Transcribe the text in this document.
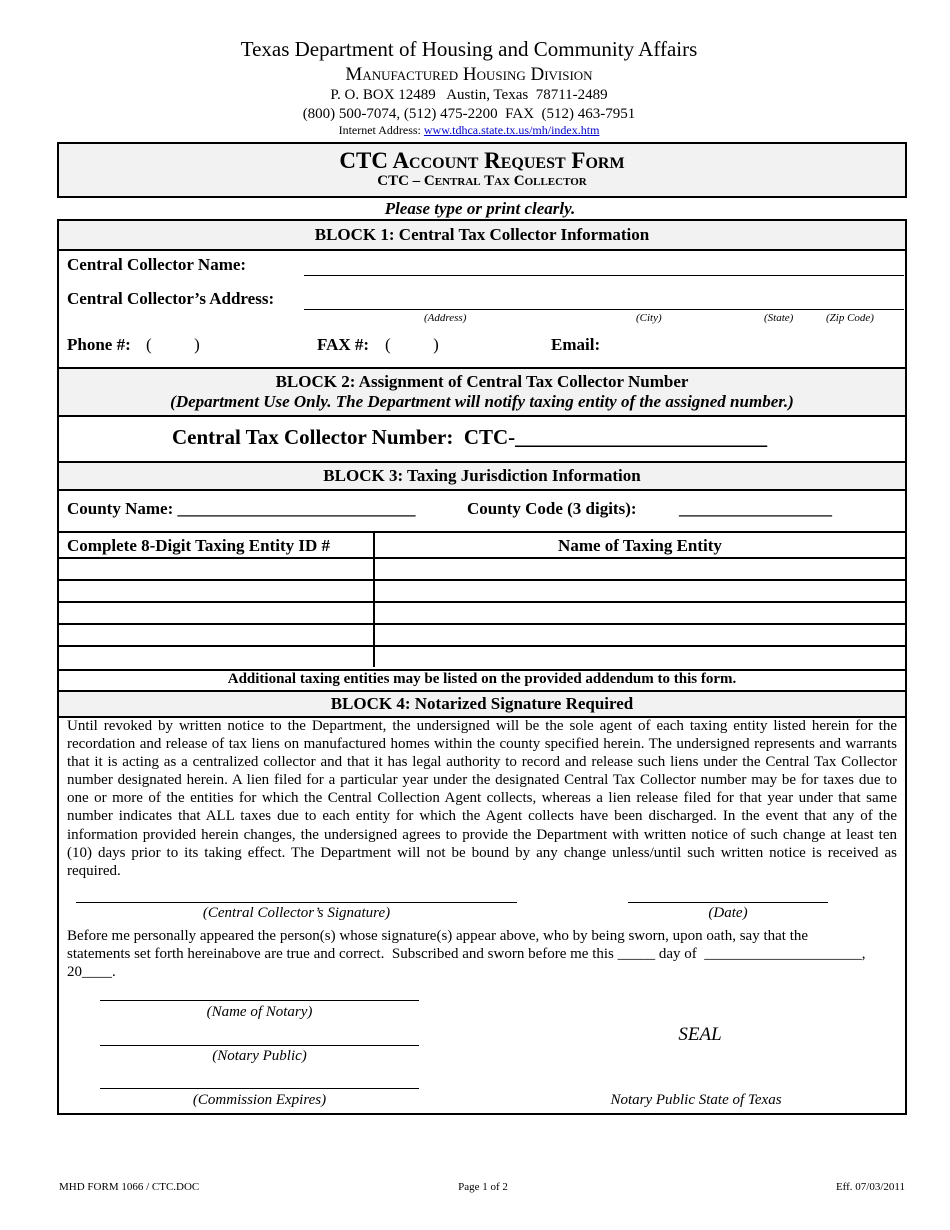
Texas Department of Housing and Community Affairs
Manufactured Housing Division
P. O. BOX 12489   Austin, Texas  78711-2489
(800) 500-7074, (512) 475-2200  FAX  (512) 463-7951
Internet Address: www.tdhca.state.tx.us/mh/index.htm
CTC Account Request Form
CTC – Central Tax Collector
Please type or print clearly.
BLOCK 1: Central Tax Collector Information
Central Collector Name:
Central Collector’s Address:
(Address)	(City)	(State)	(Zip Code)
Phone #: (          )	FAX #: (          )	Email:
BLOCK 2: Assignment of Central Tax Collector Number
(Department Use Only. The Department will notify taxing entity of the assigned number.)
Central Tax Collector Number:  CTC-________________________
BLOCK 3: Taxing Jurisdiction Information
County Name: ____________________________	County Code (3 digits): __________________
Complete 8-Digit Taxing Entity ID #	Name of Taxing Entity
Additional taxing entities may be listed on the provided addendum to this form.
BLOCK 4: Notarized Signature Required
Until revoked by written notice to the Department, the undersigned will be the sole agent of each taxing entity listed herein for the recordation and release of tax liens on manufactured homes within the county specified herein. The undersigned represents and warrants that it is acting as a centralized collector and that it has legal authority to record and release such liens under the Central Tax Collector number designated herein. A lien filed for a particular year under the designated Central Tax Collector number may be for taxes due to one or more of the entities for which the Central Collection Agent collects, whereas a lien release filed for that year under that same number indicates that ALL taxes due to each entity for which the Agent collects have been discharged. In the event that any of the information provided herein changes, the undersigned agrees to provide the Department with written notice of such change at least ten (10) days prior to its taking effect. The Department will not be bound by any change unless/until such written notice is received as required.
(Central Collector’s Signature)	(Date)
Before me personally appeared the person(s) whose signature(s) appear above, who by being sworn, upon oath, say that the
statements set forth hereinabove are true and correct.  Subscribed and sworn before me this _____ day of  _____________________,
20____.
(Name of Notary)
(Notary Public)
(Commission Expires)
SEAL
Notary Public State of Texas
MHD FORM 1066 / CTC.DOC	Page 1 of 2	Eff. 07/03/2011
